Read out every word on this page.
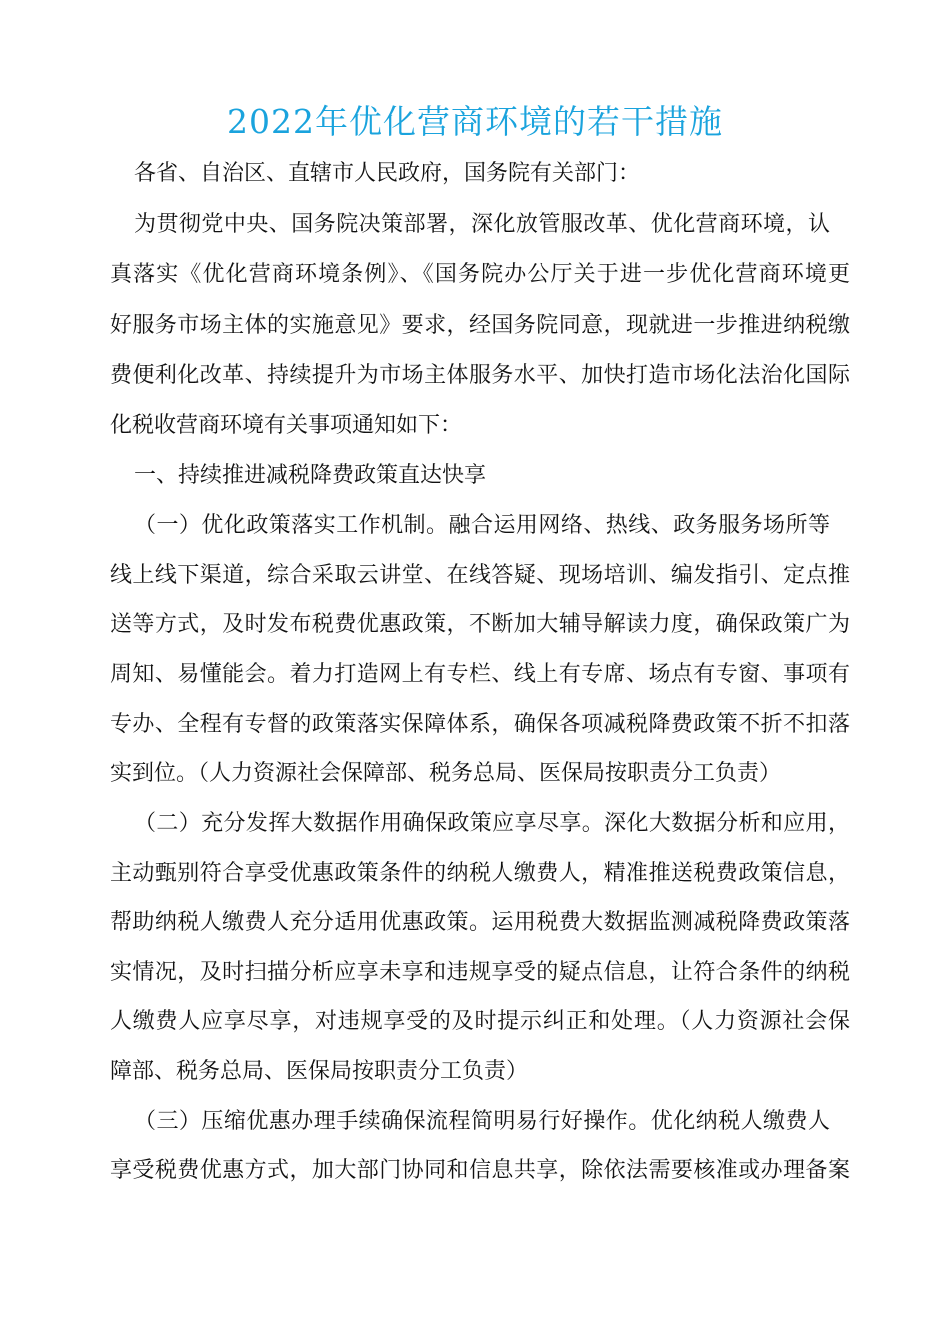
2022年优化营商环境的若干措施
各省、自治区、直辖市人民政府，国务院有关部门：
为贯彻党中央、国务院决策部署，深化放管服改革、优化营商环境，认
真落实《优化营商环境条例》、《国务院办公厅关于进一步优化营商环境更
好服务市场主体的实施意见》要求，经国务院同意，现就进一步推进纳税缴
费便利化改革、持续提升为市场主体服务水平、加快打造市场化法治化国际
化税收营商环境有关事项通知如下：
一、持续推进减税降费政策直达快享
（一）优化政策落实工作机制。融合运用网络、热线、政务服务场所等
线上线下渠道，综合采取云讲堂、在线答疑、现场培训、编发指引、定点推
送等方式，及时发布税费优惠政策，不断加大辅导解读力度，确保政策广为
周知、易懂能会。着力打造网上有专栏、线上有专席、场点有专窗、事项有
专办、全程有专督的政策落实保障体系，确保各项减税降费政策不折不扣落
实到位。（人力资源社会保障部、税务总局、医保局按职责分工负责）
（二）充分发挥大数据作用确保政策应享尽享。深化大数据分析和应用，
主动甄别符合享受优惠政策条件的纳税人缴费人，精准推送税费政策信息，
帮助纳税人缴费人充分适用优惠政策。运用税费大数据监测减税降费政策落
实情况，及时扫描分析应享未享和违规享受的疑点信息，让符合条件的纳税
人缴费人应享尽享，对违规享受的及时提示纠正和处理。（人力资源社会保
障部、税务总局、医保局按职责分工负责）
（三）压缩优惠办理手续确保流程简明易行好操作。优化纳税人缴费人
享受税费优惠方式，加大部门协同和信息共享，除依法需要核准或办理备案
